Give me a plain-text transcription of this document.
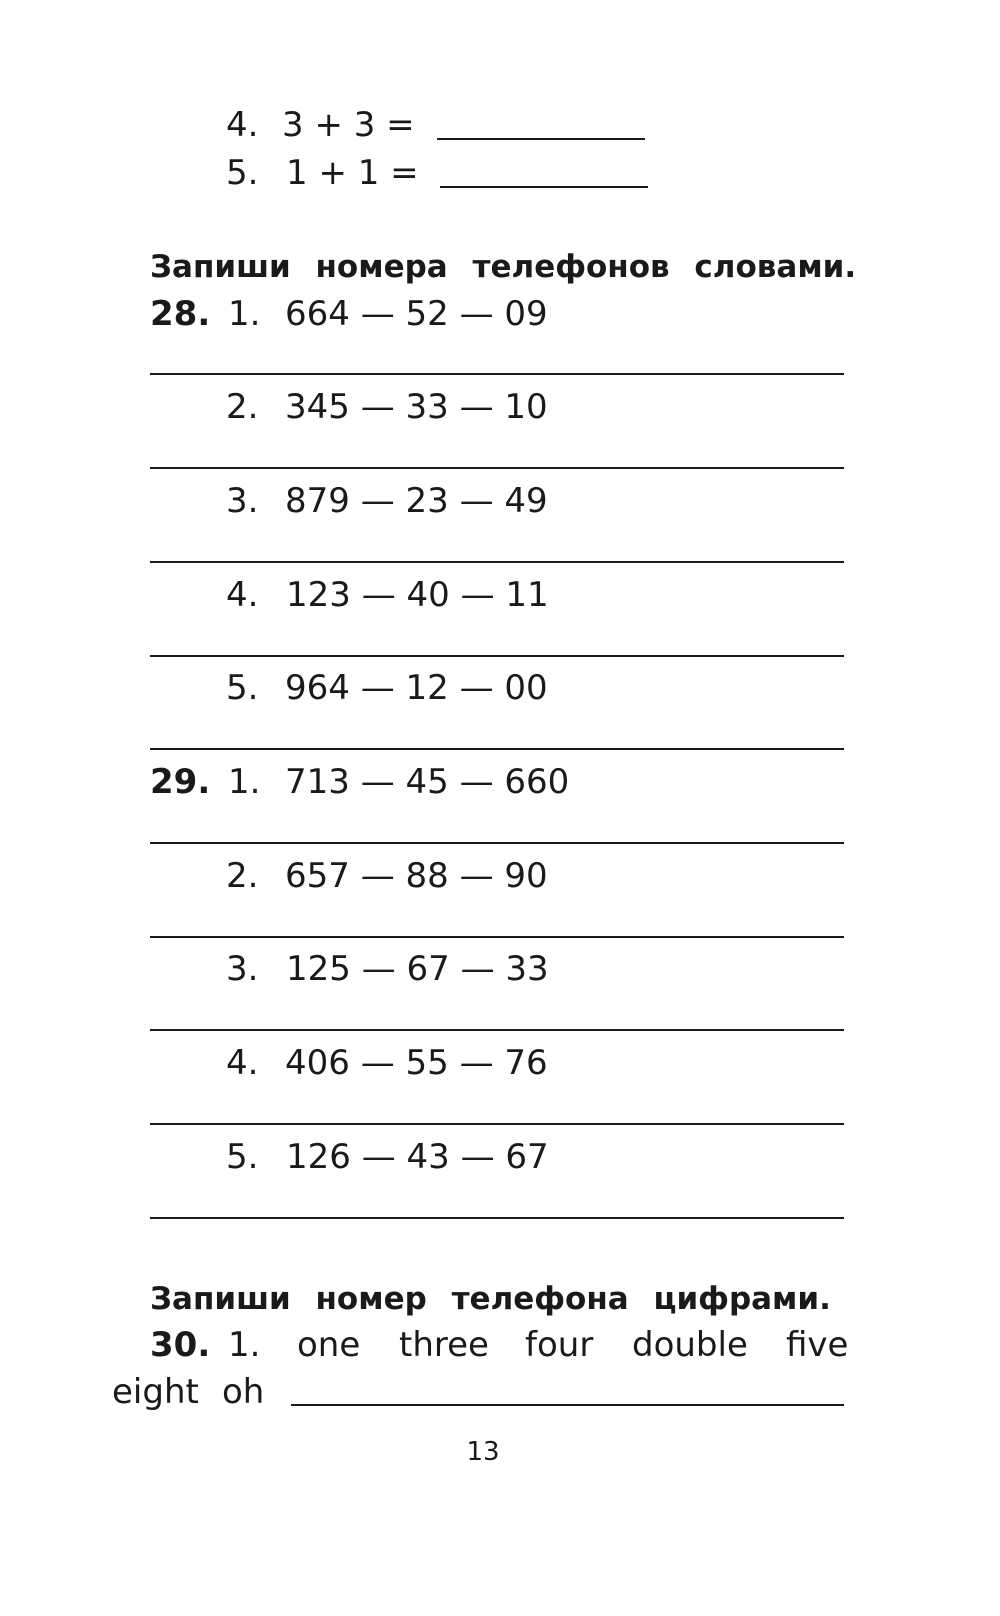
4. 3 + 3 =
5. 1 + 1 =
Запиши номера телефонов словами.
28. 1. 664 — 52 — 09
2. 345 — 33 — 10
3. 879 — 23 — 49
4. 123 — 40 — 11
5. 964 — 12 — 00
29. 1. 713 — 45 — 660
2. 657 — 88 — 90
3. 125 — 67 — 33
4. 406 — 55 — 76
5. 126 — 43 — 67
Запиши номер телефона цифрами.
30. 1. one three four double five
eight oh
13
